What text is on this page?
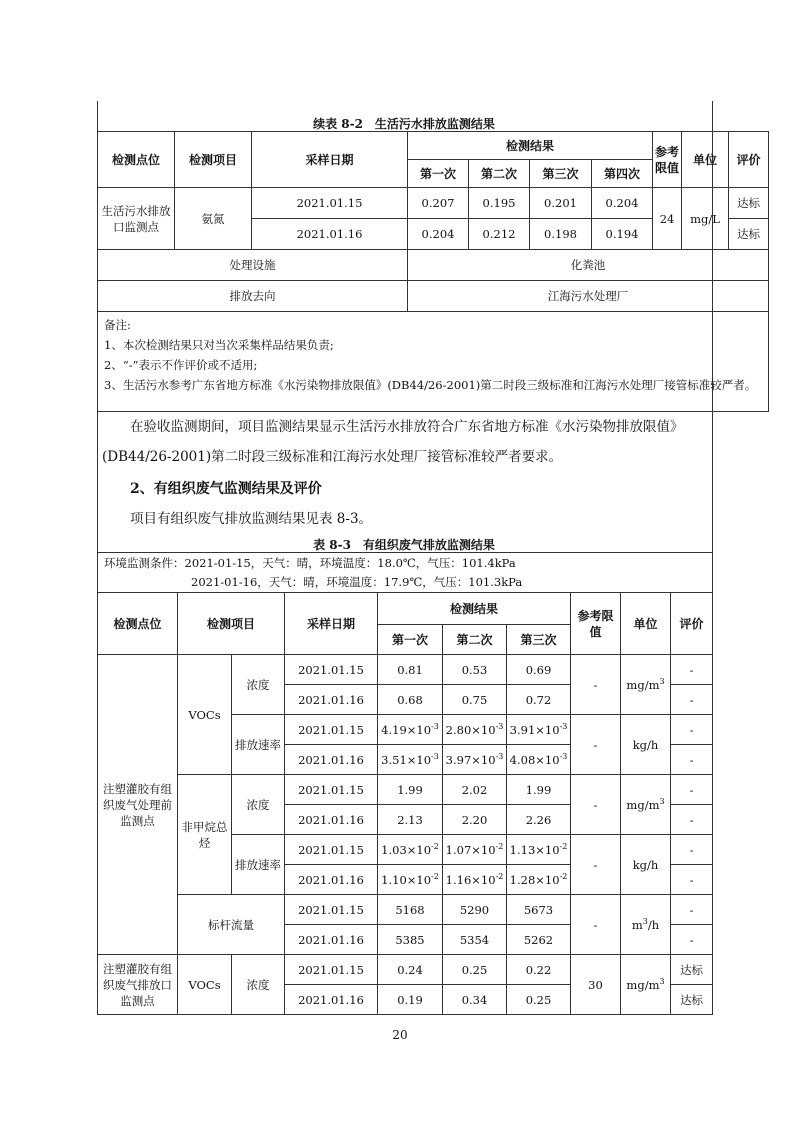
续表 8-2　生活污水排放监测结果
检测点位	检测项目	采样日期	检测结果				参考限值	单位	评价
			第一次	第二次	第三次	第四次			
生活污水排放口监测点	氨氮	2021.01.15	0.207	0.195	0.201	0.204	24	mg/L	达标
		2021.01.16	0.204	0.212	0.198	0.194			达标
处理设施			化粪池						
排放去向			江海污水处理厂						

备注:
1、本次检测结果只对当次采集样品结果负责;
2、“-”表示不作评价或不适用;
3、生活污水参考广东省地方标准《水污染物排放限值》(DB44/26-2001)第二时段三级标准和江海污水处理厂接管标准较严者。									
在验收监测期间，项目监测结果显示生活污水排放符合广东省地方标准《水污染物排放限值》(DB44/26-2001)第二时段三级标准和江海污水处理厂接管标准较严者要求。
2、有组织废气监测结果及评价
项目有组织废气排放监测结果见表 8-3。
表 8-3　有组织废气排放监测结果
环境监测条件：2021-01-15，天气：晴，环境温度：18.0℃，气压：101.4kPa									
2021-01-16，天气：晴，环境温度：17.9℃，气压：101.3kPa									
检测点位	检测项目		采样日期	检测结果			参考限值	单位	评价
				第一次	第二次	第三次			
注塑灌胶有组织废气处理前监测点	VOCs	浓度	2021.01.15	0.81	0.53	0.69	-	$mg/m^3$	-
			2021.01.16	0.68	0.75	0.72			-
		排放速率	2021.01.15	$4.19\times 10^{-3}$	$2.80\times 10^{-3}$	$3.91\times 10^{-3}$	-	kg/h	-
			2021.01.16	$3.51\times 10^{-3}$	$3.97\times 10^{-3}$	$4.08\times 10^{-3}$			-
	非甲烷总烃	浓度	2021.01.15	1.99	2.02	1.99	-	$mg/m^3$	-
			2021.01.16	2.13	2.20	2.26			-
		排放速率	2021.01.15	$1.03\times 10^{-2}$	$1.07\times 10^{-2}$	$1.13\times 10^{-2}$	-	kg/h	-
			2021.01.16	$1.10\times 10^{-2}$	$1.16\times 10^{-2}$	$1.28\times 10^{-2}$			-
	标杆流量		2021.01.15	5168	5290	5673	-	$m^3/h$	-
			2021.01.16	5385	5354	5262			-
注塑灌胶有组织废气排放口监测点	VOCs	浓度	2021.01.15	0.24	0.25	0.22	30	$mg/m^3$	达标
			2021.01.16	0.19	0.34	0.25			达标
20
